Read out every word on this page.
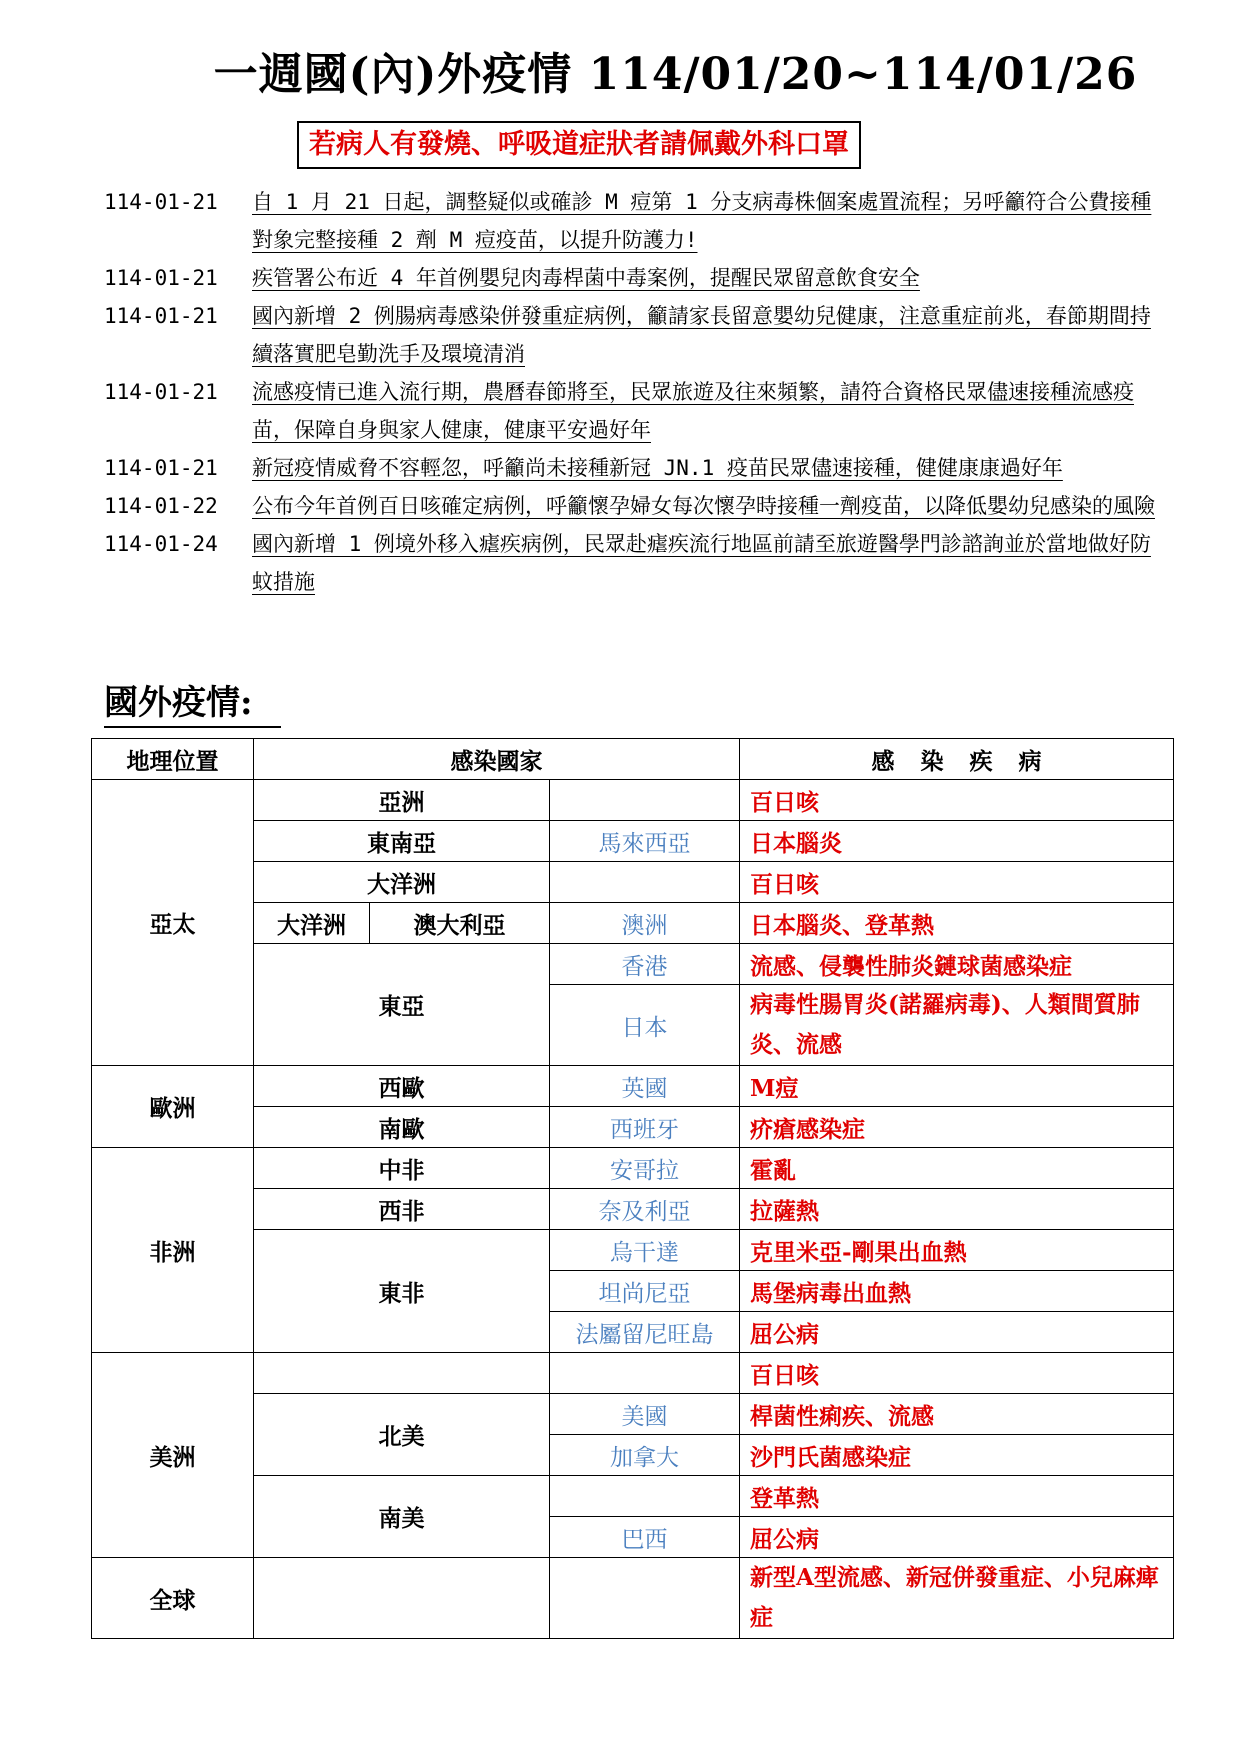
一週國(內)外疫情 114/01/20~114/01/26
若病人有發燒、呼吸道症狀者請佩戴外科口罩
114-01-21	自 1 月 21 日起，調整疑似或確診 M 痘第 1 分支病毒株個案處置流程；另呼籲符合公費接種對象完整接種 2 劑 M 痘疫苗，以提升防護力!
114-01-21	疾管署公布近 4 年首例嬰兒肉毒桿菌中毒案例，提醒民眾留意飲食安全
114-01-21	國內新增 2 例腸病毒感染併發重症病例，籲請家長留意嬰幼兒健康，注意重症前兆，春節期間持續落實肥皂勤洗手及環境清消
114-01-21	流感疫情已進入流行期，農曆春節將至，民眾旅遊及往來頻繁，請符合資格民眾儘速接種流感疫苗，保障自身與家人健康，健康平安過好年
114-01-21	新冠疫情威脅不容輕忽，呼籲尚未接種新冠 JN.1 疫苗民眾儘速接種，健健康康過好年
114-01-22	公布今年首例百日咳確定病例，呼籲懷孕婦女每次懷孕時接種一劑疫苗，以降低嬰幼兒感染的風險
114-01-24	國內新增 1 例境外移入瘧疾病例，民眾赴瘧疾流行地區前請至旅遊醫學門診諮詢並於當地做好防蚊措施
國外疫情:
地理位置	感染國家			感 染 疾 病
亞太	亞洲			百日咳
	東南亞		馬來西亞	日本腦炎
	大洋洲			百日咳
	大洋洲	澳大利亞	澳洲	日本腦炎、登革熱
	東亞		香港	流感、侵襲性肺炎鏈球菌感染症
			日本	病毒性腸胃炎(諾羅病毒)、人類間質肺炎、流感

歐洲	西歐		英國	M痘
	南歐		西班牙	疥瘡感染症
非洲	中非		安哥拉	霍亂
	西非		奈及利亞	拉薩熱
	東非		烏干達	克里米亞-剛果出血熱
			坦尚尼亞	馬堡病毒出血熱
			法屬留尼旺島	屈公病
美洲				百日咳
	北美		美國	桿菌性痢疾、流感
			加拿大	沙門氏菌感染症
	南美			登革熱
			巴西	屈公病
全球				新型A型流感、新冠併發重症、小兒麻痺症
